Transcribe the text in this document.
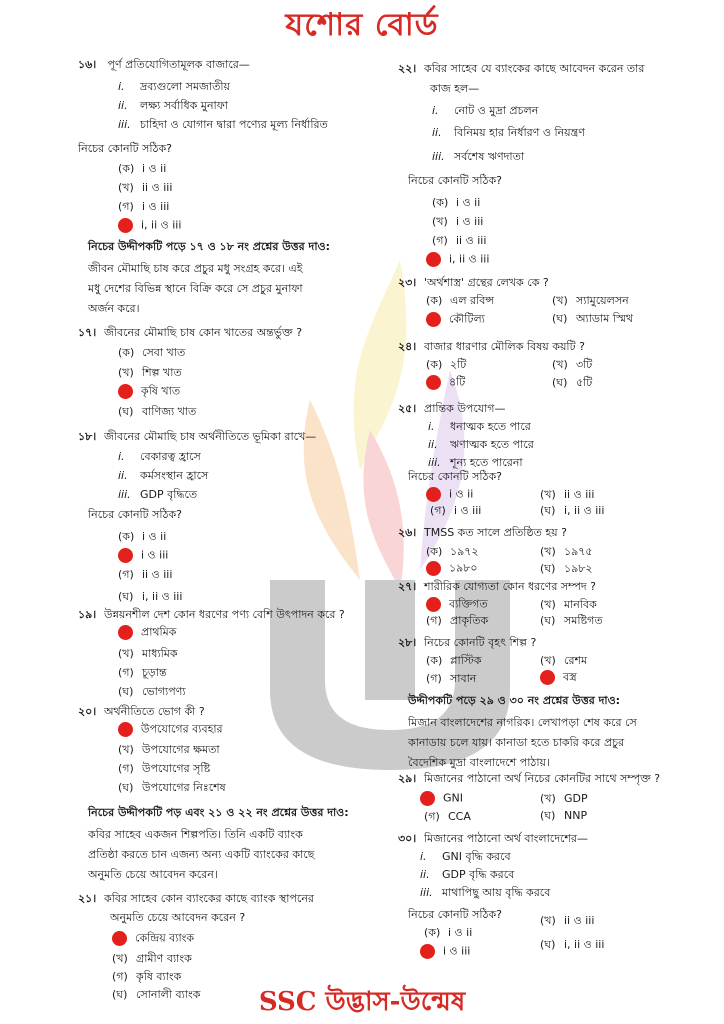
যশোর বোর্ড
১৬। পূর্ণ প্রতিযোগিতামূলক বাজারে—
i. দ্রব্যগুলো সমজাতীয়
ii. লক্ষ্য সর্বাধিক মুনাফা
iii. চাহিদা ও যোগান দ্বারা পণ্যের মূল্য নির্ধারিত
নিচের কোনটি সঠিক?
(ক) i ও ii
(খ) ii ও iii
(গ) i ও iii
i, ii ও iii
নিচের উদ্দীপকটি পড়ে ১৭ ও ১৮ নং প্রশ্নের উত্তর দাও:
জীবন মৌমাছি চাষ করে প্রচুর মধু সংগ্রহ করে। এই
মধু দেশের বিভিন্ন স্থানে বিক্রি করে সে প্রচুর মুনাফা
অর্জন করে।
১৭। জীবনের মৌমাছি চাষ কোন খাতের অন্তর্ভুক্ত ?
(ক) সেবা খাত
(খ) শিল্প খাত
কৃষি খাত
(ঘ) বাণিজ্য খাত
১৮। জীবনের মৌমাছি চাষ অর্থনীতিতে ভূমিকা রাখে—
i. বেকারত্ব হ্রাসে
ii. কর্মসংস্থান হ্রাসে
iii. GDP বৃদ্ধিতে
নিচের কোনটি সঠিক?
(ক) i ও ii
i ও iii
(গ) ii ও iii
(ঘ) i, ii ও iii
১৯। উন্নয়নশীল দেশ কোন ধরণের পণ্য বেশি উৎপাদন করে ?
প্রাথমিক
(খ) মাধ্যমিক
(গ) চূড়ান্ত
(ঘ) ভোগ্যপণ্য
২০। অর্থনীতিতে ভোগ কী ?
উপযোগের ব্যবহার
(খ) উপযোগের ক্ষমতা
(গ) উপযোগের সৃষ্টি
(ঘ) উপযোগের নিঃশেষ
নিচের উদ্দীপকটি পড় এবং ২১ ও ২২ নং প্রশ্নের উত্তর দাও:
কবির সাহেব একজন শিল্পপতি। তিনি একটি ব্যাংক
প্রতিষ্ঠা করতে চান এজন্য অন্য একটি ব্যাংকের কাছে
অনুমতি চেয়ে আবেদন করেন।
২১। কবির সাহেব কোন ব্যাংকের কাছে ব্যাংক স্থাপনের
অনুমতি চেয়ে আবেদন করেন ?
কেন্দ্রিয় ব্যাংক
(খ) গ্রামীণ ব্যাংক
(গ) কৃষি ব্যাংক
(ঘ) সোনালী ব্যাংক
২২। কবির সাহেব যে ব্যাংকের কাছে আবেদন করেন তার
কাজ হল—
i. নোট ও মুদ্রা প্রচলন
ii. বিনিময় হার নির্ধারণ ও নিয়ন্ত্রণ
iii. সর্বশেষ ঋণদাতা
নিচের কোনটি সঠিক?
(ক) i ও ii
(খ) i ও iii
(গ) ii ও iii
i, ii ও iii
২৩। 'অর্থশাস্ত্র' গ্রন্থের লেখক কে ?
(ক) এল রবিন্স	(খ) স্যামুয়েলসন
কৌটিল্য	(ঘ) অ্যাডাম স্মিথ
২৪। বাজার ধারণার মৌলিক বিষয় কয়টি ?
(ক) ২টি	(খ) ৩টি
৪টি	(ঘ) ৫টি
২৫। প্রান্তিক উপযোগ—
i. ধনাত্মক হতে পারে
ii. ঋণাত্মক হতে পারে
iii. শূন্য হতে পারেনা
নিচের কোনটি সঠিক?
i ও ii	(খ) ii ও iii
(গ) i ও iii	(ঘ) i, ii ও iii
২৬। TMSS কত সালে প্রতিষ্ঠিত হয় ?
(ক) ১৯৭২	(খ) ১৯৭৫
১৯৮০	(ঘ) ১৯৮২
২৭। শারীরিক যোগ্যতা কোন ধরণের সম্পদ ?
ব্যক্তিগত	(খ) মানবিক
(গ) প্রাকৃতিক	(ঘ) সমষ্টিগত
২৮। নিচের কোনটি বৃহৎ শিল্প ?
(ক) প্লাস্টিক	(খ) রেশম
(গ) সাবান	বস্ত্র
উদ্দীপকটি পড়ে ২৯ ও ৩০ নং প্রশ্নের উত্তর দাও:
মিজান বাংলাদেশের নাগরিক। লেখাপড়া শেষ করে সে
কানাডায় চলে যায়। কানাডা হতে চাকরি করে প্রচুর
বৈদেশিক মুদ্রা বাংলাদেশে পাঠায়।
২৯। মিজানের পাঠানো অর্থ নিচের কোনটির সাথে সম্পৃক্ত ?
GNI	(খ) GDP
(গ) CCA	(ঘ) NNP
৩০। মিজানের পাঠানো অর্থ বাংলাদেশের—
i. GNI বৃদ্ধি করবে
ii. GDP বৃদ্ধি করবে
iii. মাথাপিছু আয় বৃদ্ধি করবে
নিচের কোনটি সঠিক?
(ক) i ও ii
(খ) ii ও iii
i ও iii	(ঘ) i, ii ও iii
SSC উদ্ভাস-উন্মেষ
